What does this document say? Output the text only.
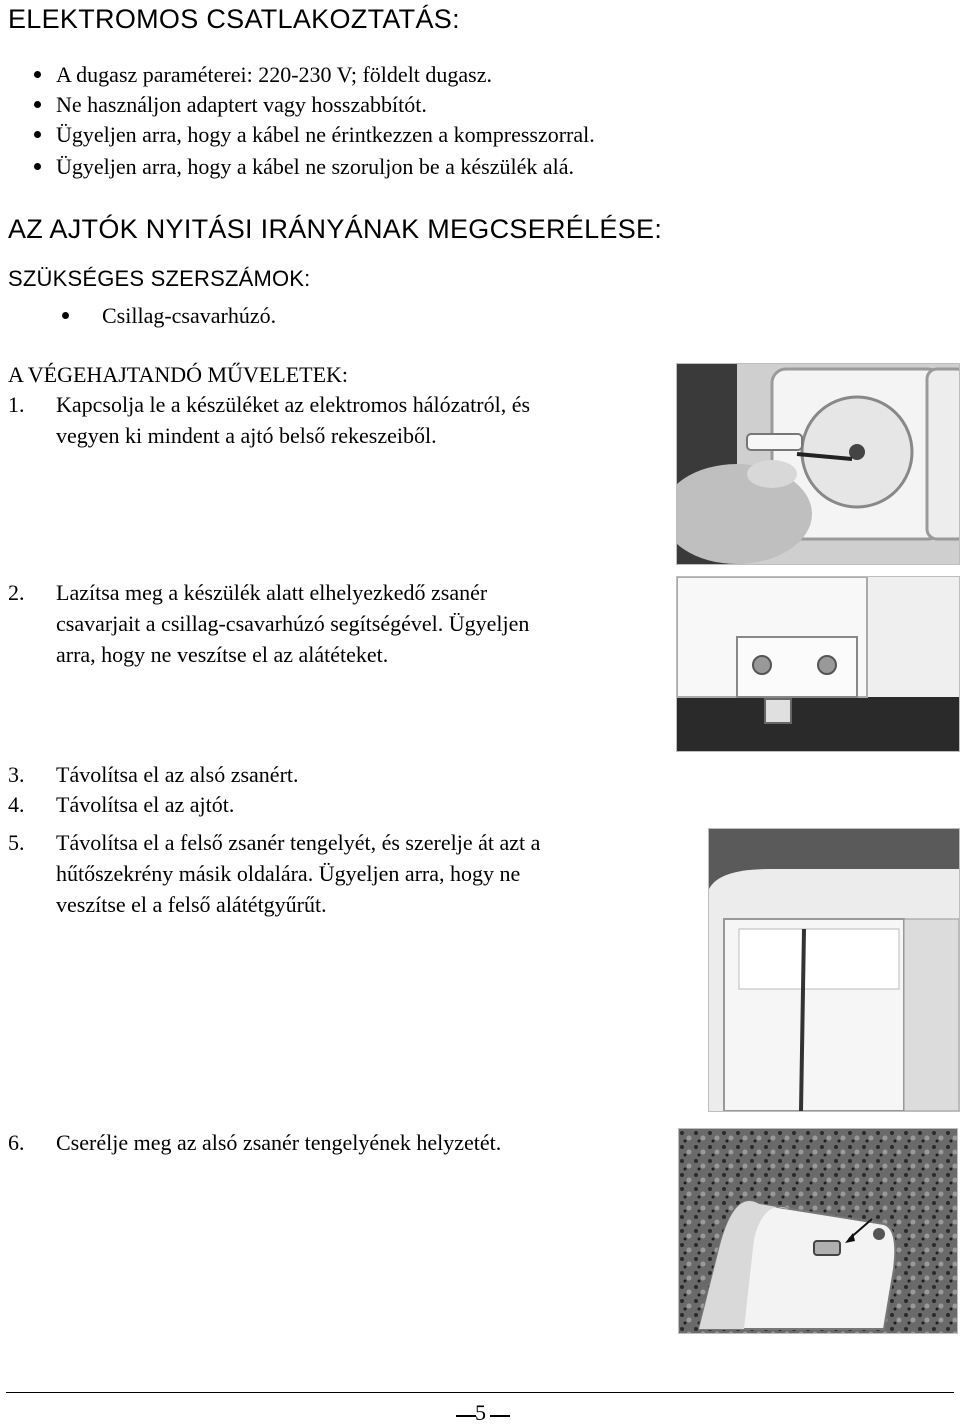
ELEKTROMOS CSATLAKOZTATÁS:
A dugasz paraméterei: 220-230 V; földelt dugasz.
Ne használjon adaptert vagy hosszabbítót.
Ügyeljen arra, hogy a kábel ne érintkezzen a kompresszorral.
Ügyeljen arra, hogy a kábel ne szoruljon be a készülék alá.
AZ AJTÓK NYITÁSI IRÁNYÁNAK MEGCSERÉLÉSE:
SZÜKSÉGES SZERSZÁMOK:
Csillag-csavarhúzó.
A VÉGEHAJTANDÓ MŰVELETEK:
1. Kapcsolja le a készüléket az elektromos hálózatról, és
vegyen ki mindent a ajtó belső rekeszeiből.
2. Lazítsa meg a készülék alatt elhelyezkedő zsanér
csavarjait a csillag-csavarhúzó segítségével. Ügyeljen
arra, hogy ne veszítse el az alátéteket.
3. Távolítsa el az alsó zsanért.
4. Távolítsa el az ajtót.
5. Távolítsa el a felső zsanér tengelyét, és szerelje át azt a
hűtőszekrény másik oldalára. Ügyeljen arra, hogy ne
veszítse el a felső alátétgyűrűt.
6. Cserélje meg az alsó zsanér tengelyének helyzetét.
5
